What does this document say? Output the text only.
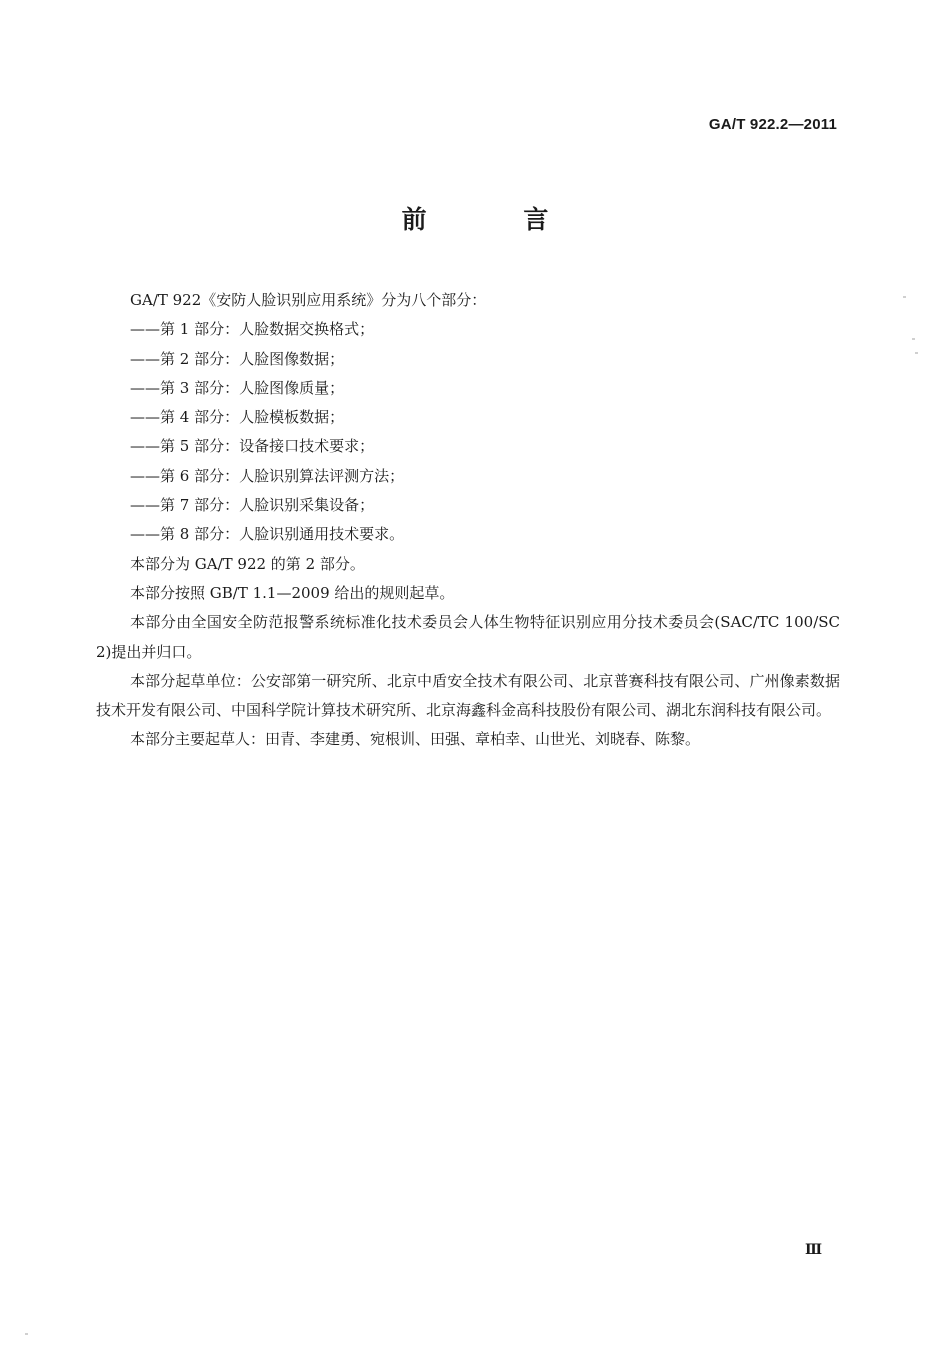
GA/T 922.2—2011
前 言

GA/T 922《安防人脸识别应用系统》分为八个部分：

——第 1 部分：人脸数据交换格式；

——第 2 部分：人脸图像数据；

——第 3 部分：人脸图像质量；

——第 4 部分：人脸模板数据；

——第 5 部分：设备接口技术要求；

——第 6 部分：人脸识别算法评测方法；

——第 7 部分：人脸识别采集设备；

——第 8 部分：人脸识别通用技术要求。

本部分为 GA/T 922 的第 2 部分。

本部分按照 GB/T 1.1—2009 给出的规则起草。

本部分由全国安全防范报警系统标准化技术委员会人体生物特征识别应用分技术委员会(SAC/TC 100/SC 2)提出并归口。

本部分起草单位：公安部第一研究所、北京中盾安全技术有限公司、北京普赛科技有限公司、广州像素数据技术开发有限公司、中国科学院计算技术研究所、北京海鑫科金高科技股份有限公司、湖北东润科技有限公司。

本部分主要起草人：田青、李建勇、宛根训、田强、章柏幸、山世光、刘晓春、陈黎。

Ⅲ
